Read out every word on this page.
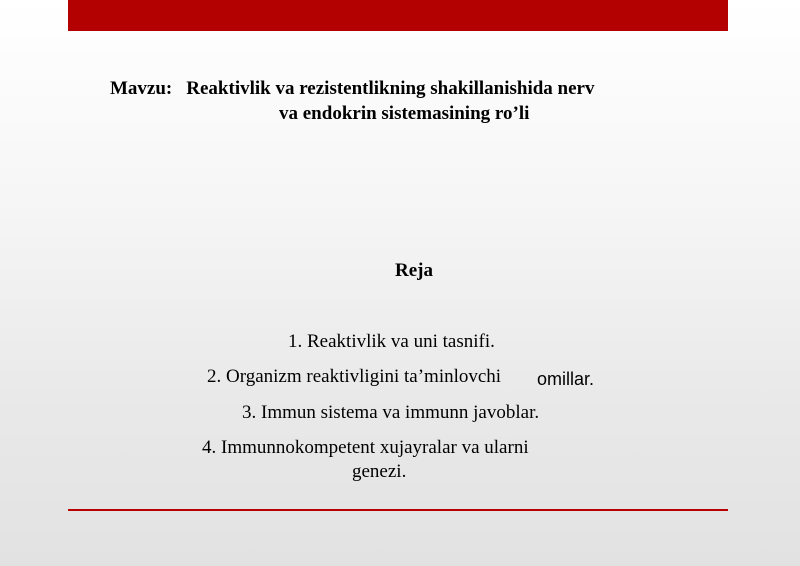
Mavzu: Reaktivlik va rezistentlikning shakillanishida nerv
va endokrin sistemasining ro’li
Reja
1. Reaktivlik va uni tasnifi.
2. Organizm reaktivligini ta’minlovchi omillar.
3. Immun sistema va immunn javoblar.
4. Immunnokompetent xujayralar va ularni
genezi.
